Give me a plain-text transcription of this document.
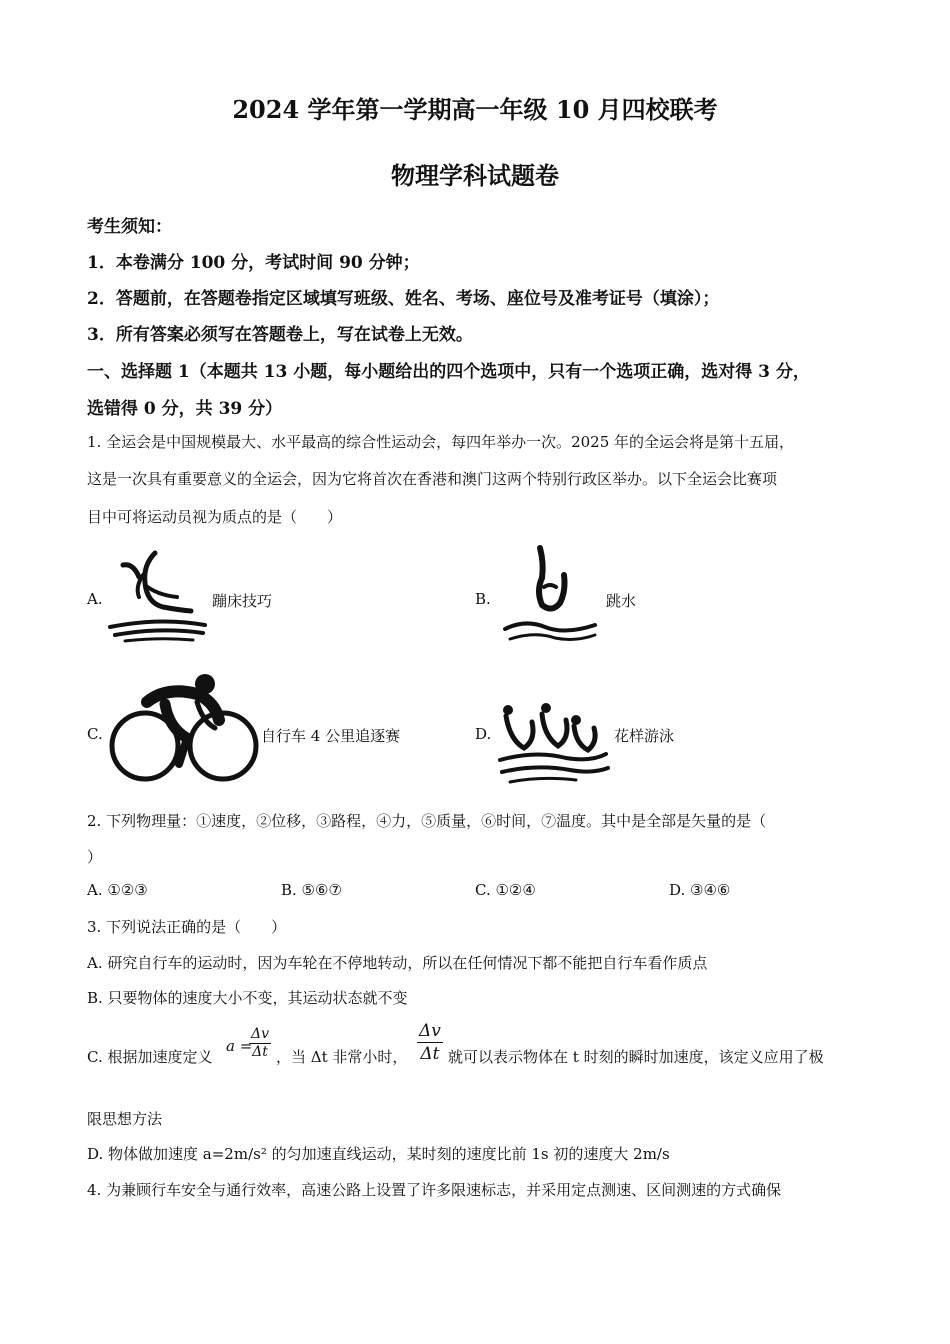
2024 学年第一学期高一年级 10 月四校联考
物理学科试题卷
考生须知：
1．本卷满分 100 分，考试时间 90 分钟；
2．答题前，在答题卷指定区域填写班级、姓名、考场、座位号及准考证号（填涂）；
3．所有答案必须写在答题卷上，写在试卷上无效。
一、选择题 1（本题共 13 小题，每小题给出的四个选项中，只有一个选项正确，选对得 3 分，
选错得 0 分，共 39 分）
1. 全运会是中国规模最大、水平最高的综合性运动会，每四年举办一次。2025 年的全运会将是第十五届，
这是一次具有重要意义的全运会，因为它将首次在香港和澳门这两个特别行政区举办。以下全运会比赛项
目中可将运动员视为质点的是（　　）
A.	蹦床技巧	B.	跳水
C.	自行车 4 公里追逐赛	D.	花样游泳
2. 下列物理量：①速度，②位移，③路程，④力，⑤质量，⑥时间，⑦温度。其中是全部是矢量的是（
）
A. ①②③	B. ⑤⑥⑦	C. ①②④	D. ③④⑥
3. 下列说法正确的是（　　）
A. 研究自行车的运动时，因为车轮在不停地转动，所以在任何情况下都不能把自行车看作质点
B. 只要物体的速度大小不变，其运动状态就不变
C. 根据加速度定义
a =
$\frac{\Delta v}{\Delta t}$ ，当 Δt 非常小时， $\frac{\Delta v}{\Delta t}$ 就可以表示物体在 t 时刻的瞬时加速度，该定义应用了极
限思想方法
D. 物体做加速度 a=2m/s² 的匀加速直线运动，某时刻的速度比前 1s 初的速度大 2m/s
4. 为兼顾行车安全与通行效率，高速公路上设置了许多限速标志，并采用定点测速、区间测速的方式确保
